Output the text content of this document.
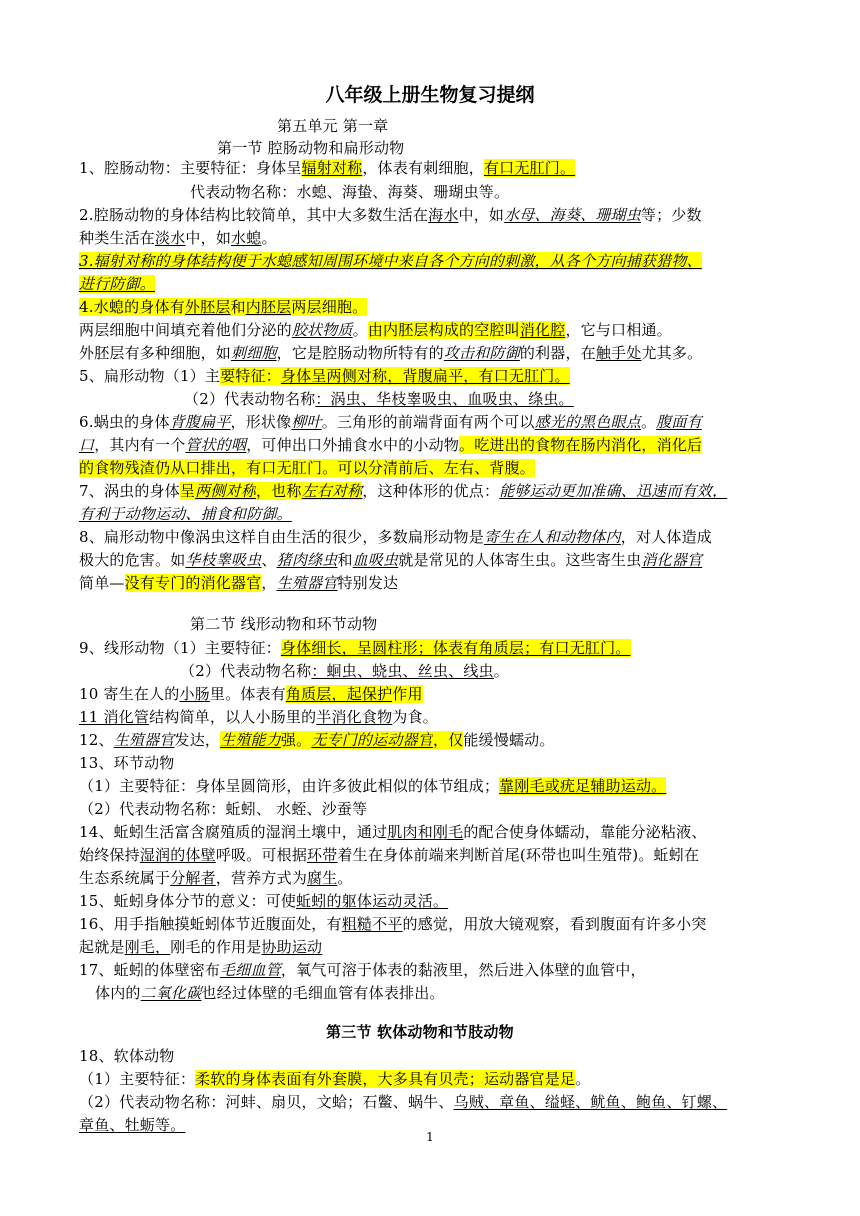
八年级上册生物复习提纲
第五单元 第一章
第一节 腔肠动物和扁形动物
1、腔肠动物：主要特征：身体呈辐射对称，体表有刺细胞，有口无肛门。
代表动物名称：水螅、海蛰、海葵、珊瑚虫等。
2.腔肠动物的身体结构比较简单，其中大多数生活在海水中，如水母、海葵、珊瑚虫等；少数
种类生活在淡水中，如水螅。
3.辐射对称的身体结构便于水螅感知周围环境中来自各个方向的刺激，从各个方向捕获猎物、
进行防御。
4.水螅的身体有外胚层和内胚层两层细胞。
两层细胞中间填充着他们分泌的胶状物质。由内胚层构成的空腔叫消化腔，它与口相通。
外胚层有多种细胞，如刺细胞，它是腔肠动物所特有的攻击和防御的利器，在触手处尤其多。
5、扁形动物（1）主要特征：身体呈两侧对称，背腹扁平，有口无肛门。
（2）代表动物名称：涡虫、华枝睾吸虫、血吸虫、绦虫。
6.蜗虫的身体背腹扁平，形状像柳叶。三角形的前端背面有两个可以感光的黑色眼点。腹面有
口，其内有一个管状的咽，可伸出口外捕食水中的小动物。吃进出的食物在肠内消化，消化后
的食物残渣仍从口排出，有口无肛门。可以分清前后、左右、背腹。
7、涡虫的身体呈两侧对称，也称左右对称，这种体形的优点：能够运动更加准确、迅速而有效，
有利于动物运动、捕食和防御。
8、扁形动物中像涡虫这样自由生活的很少，多数扁形动物是寄生在人和动物体内，对人体造成
极大的危害。如华枝睾吸虫、猪肉绦虫和血吸虫就是常见的人体寄生虫。这些寄生虫消化器官
简单—没有专门的消化器官，生殖器官特别发达
第二节 线形动物和环节动物
9、线形动物（1）主要特征：身体细长，呈圆柱形；体表有角质层；有口无肛门。
（2）代表动物名称：蛔虫、蛲虫、丝虫、线虫。
10 寄生在人的小肠里。体表有角质层，起保护作用
11 消化管结构简单，以人小肠里的半消化食物为食。
12、生殖器官发达，生殖能力强。无专门的运动器官，仅能缓慢蠕动。
13、环节动物
（1）主要特征：身体呈圆筒形，由许多彼此相似的体节组成；靠刚毛或疣足辅助运动。
（2）代表动物名称：蚯蚓、 水蛭、沙蚕等
14、蚯蚓生活富含腐殖质的湿润土壤中，通过肌肉和刚毛的配合使身体蠕动，靠能分泌粘液、
始终保持湿润的体壁呼吸。可根据环带着生在身体前端来判断首尾(环带也叫生殖带)。蚯蚓在
生态系统属于分解者，营养方式为腐生。
15、蚯蚓身体分节的意义：可使蚯蚓的躯体运动灵活。
16、用手指触摸蚯蚓体节近腹面处，有粗糙不平的感觉，用放大镜观察，看到腹面有许多小突
起就是刚毛，刚毛的作用是协助运动
17、蚯蚓的体壁密布毛细血管，氧气可溶于体表的黏液里，然后进入体壁的血管中，
体内的二氧化碳也经过体壁的毛细血管有体表排出。
第三节 软体动物和节肢动物
18、软体动物
（1）主要特征：柔软的身体表面有外套膜，大多具有贝壳；运动器官是足。
（2）代表动物名称：河蚌、扇贝，文蛤；石鳖、蜗牛、乌贼、章鱼、缢蛏、鱿鱼、鲍鱼、钉螺、
章鱼、牡蛎等。
1
